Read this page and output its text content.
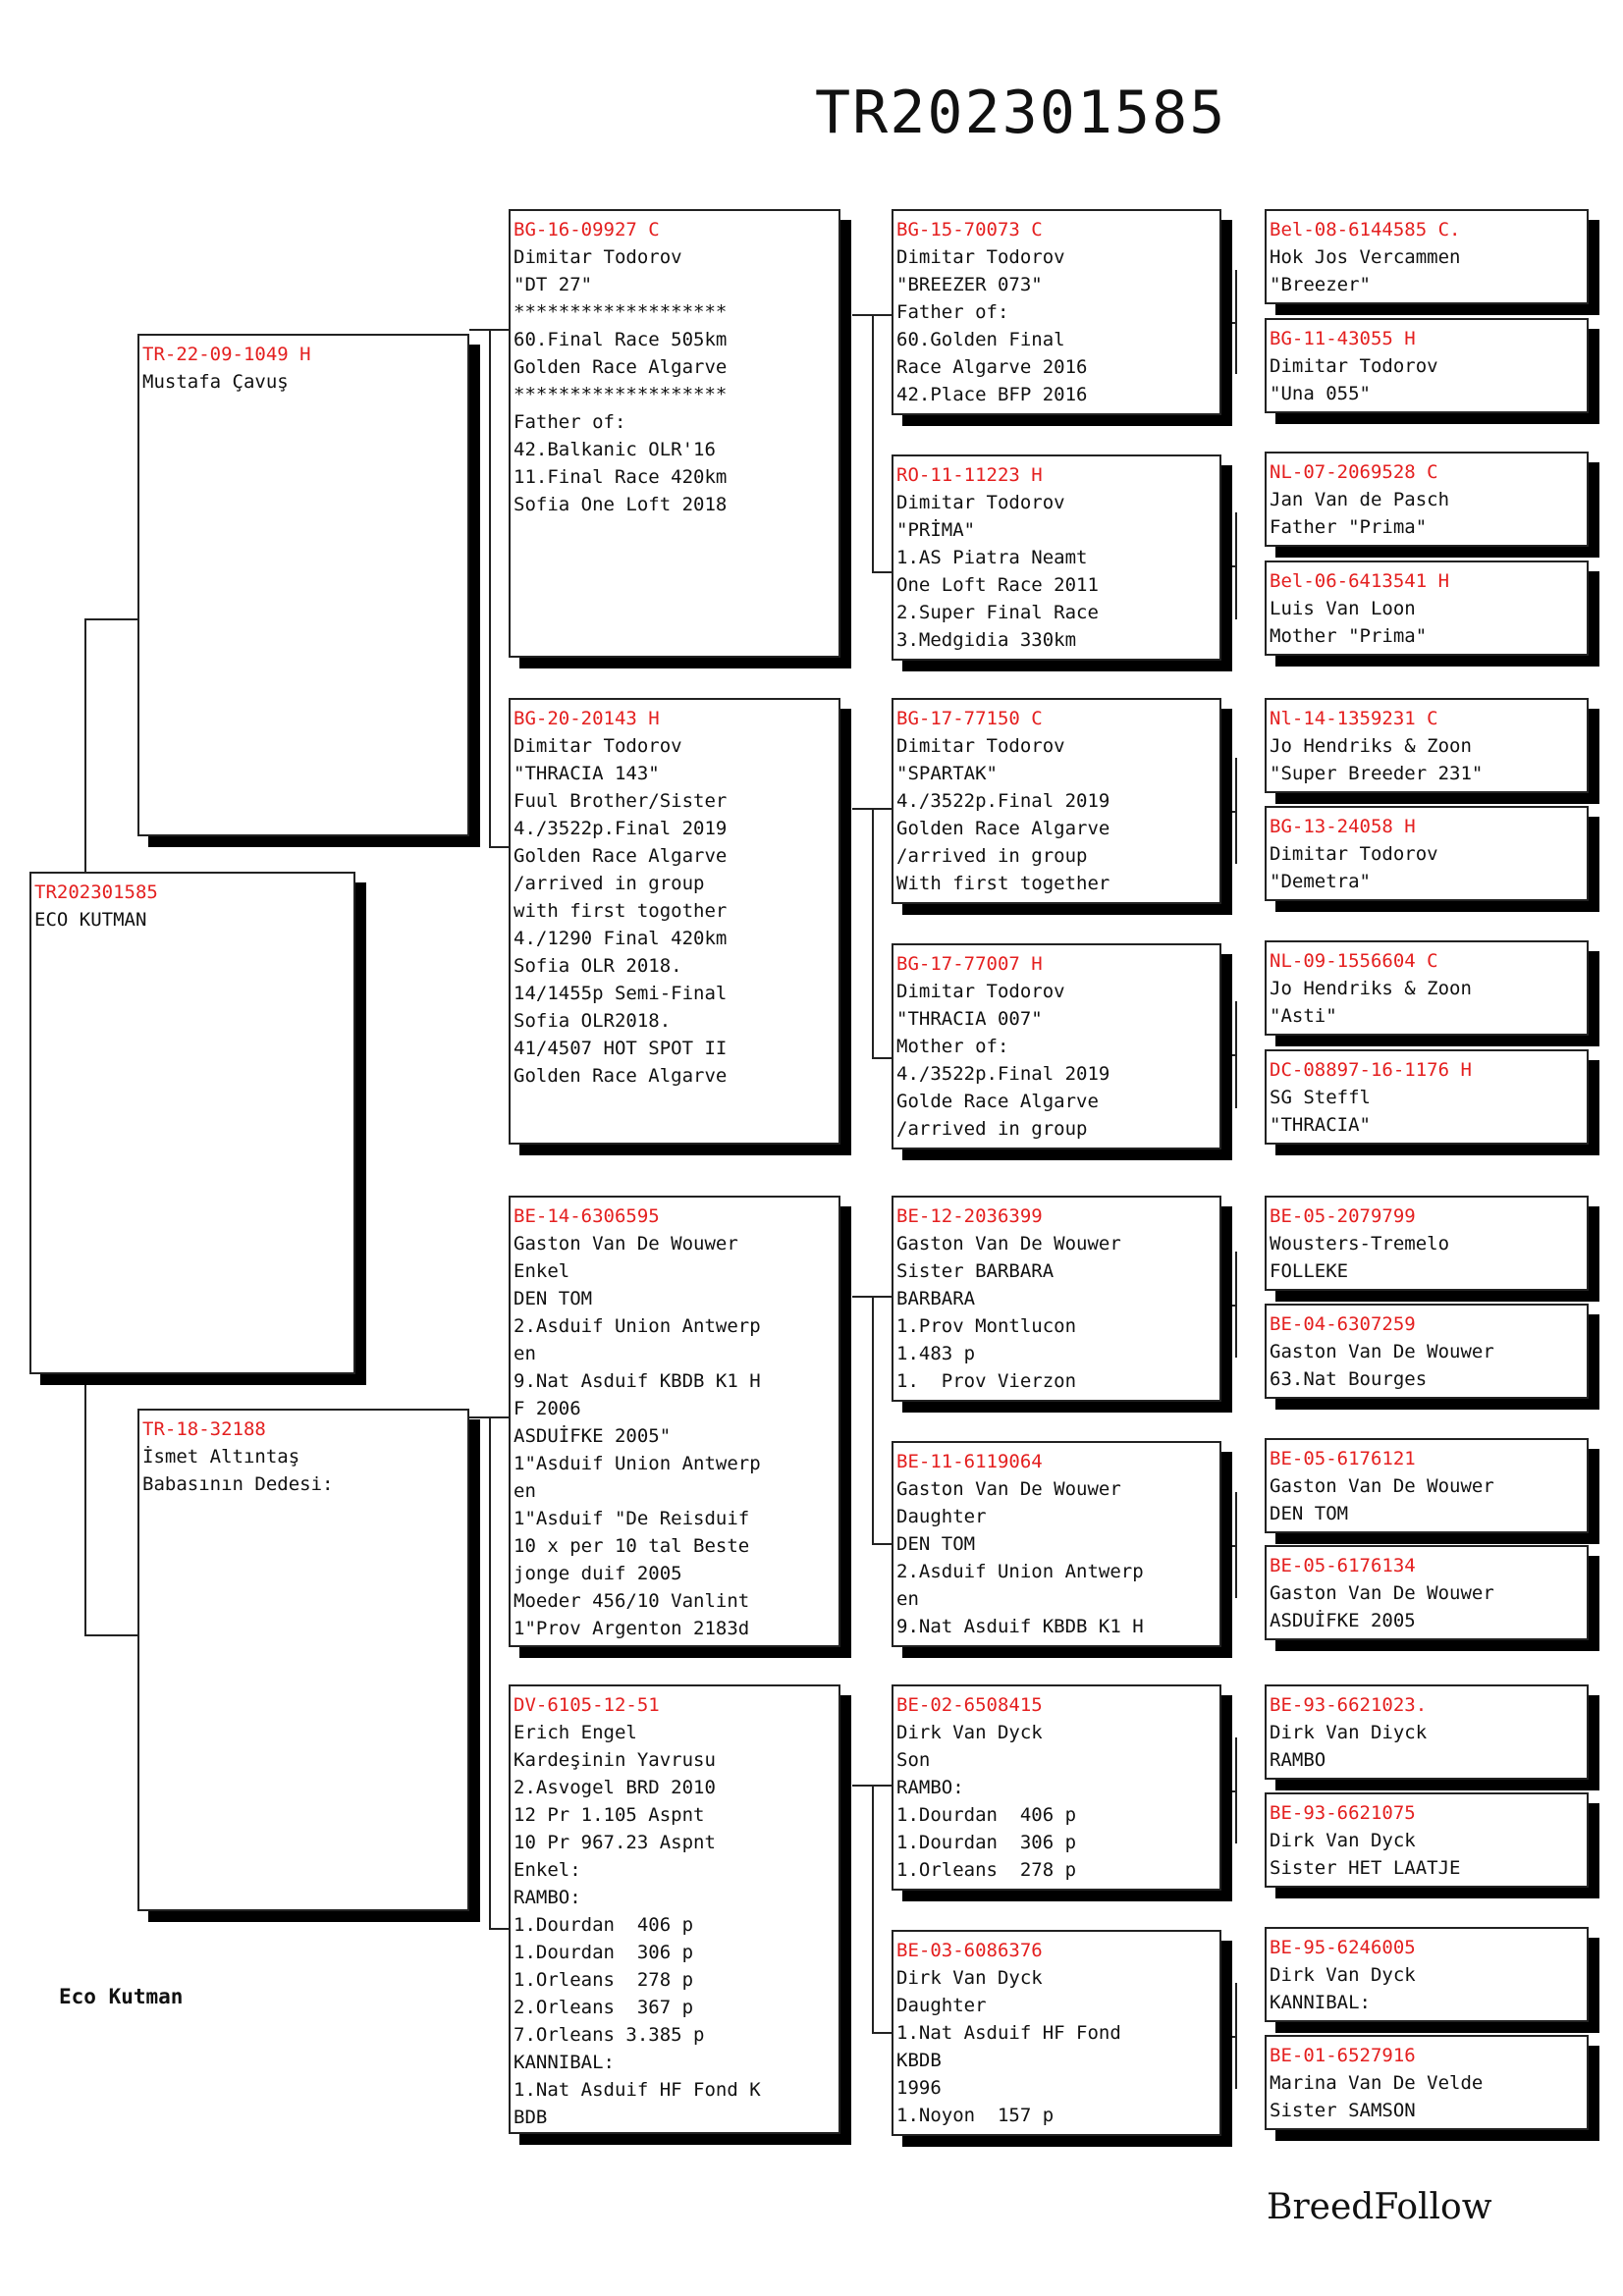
TR202301585
TR202301585
ECO KUTMAN
TR-22-09-1049 H
Mustafa Çavuş
TR-18-32188
İsmet Altıntaş
Babasının Dedesi:
BG-16-09927 C
Dimitar Todorov
"DT 27"
*******************
60.Final Race 505km
Golden Race Algarve
*******************
Father of:
42.Balkanic OLR'16
11.Final Race 420km
Sofia One Loft 2018
BG-20-20143 H
Dimitar Todorov
"THRACIA 143"
Fuul Brother/Sister
4./3522p.Final 2019
Golden Race Algarve
/arrived in group
with first togother
4./1290 Final 420km
Sofia OLR 2018.
14/1455p Semi-Final
Sofia OLR2018.
41/4507 HOT SPOT II
Golden Race Algarve
BE-14-6306595
Gaston Van De Wouwer
Enkel
DEN TOM
2.Asduif Union Antwerp
en
9.Nat Asduif KBDB K1 H
F 2006
ASDUİFKE 2005"
1"Asduif Union Antwerp
en
1"Asduif "De Reisduif
10 x per 10 tal Beste
jonge duif 2005
Moeder 456/10 Vanlint
1"Prov Argenton 2183d
DV-6105-12-51
Erich Engel
Kardeşinin Yavrusu
2.Asvogel BRD 2010
12 Pr 1.105 Aspnt
10 Pr 967.23 Aspnt
Enkel:
RAMBO:
1.Dourdan  406 p
1.Dourdan  306 p
1.Orleans  278 p
2.Orleans  367 p
7.Orleans 3.385 p
KANNIBAL:
1.Nat Asduif HF Fond K
BDB
BG-15-70073 C
Dimitar Todorov
"BREEZER 073"
Father of:
60.Golden Final
Race Algarve 2016
42.Place BFP 2016
RO-11-11223 H
Dimitar Todorov
"PRİMA"
1.AS Piatra Neamt
One Loft Race 2011
2.Super Final Race
3.Medgidia 330km
BG-17-77150 C
Dimitar Todorov
"SPARTAK"
4./3522p.Final 2019
Golden Race Algarve
/arrived in group
With first together
BG-17-77007 H
Dimitar Todorov
"THRACIA 007"
Mother of:
4./3522p.Final 2019
Golde Race Algarve
/arrived in group
BE-12-2036399
Gaston Van De Wouwer
Sister BARBARA
BARBARA
1.Prov Montlucon
1.483 p
1.  Prov Vierzon
BE-11-6119064
Gaston Van De Wouwer
Daughter
DEN TOM
2.Asduif Union Antwerp
en
9.Nat Asduif KBDB K1 H
BE-02-6508415
Dirk Van Dyck
Son
RAMBO:
1.Dourdan  406 p
1.Dourdan  306 p
1.Orleans  278 p
BE-03-6086376
Dirk Van Dyck
Daughter
1.Nat Asduif HF Fond
KBDB
1996
1.Noyon  157 p
Bel-08-6144585 C.
Hok Jos Vercammen
"Breezer"
BG-11-43055 H
Dimitar Todorov
"Una 055"
NL-07-2069528 C
Jan Van de Pasch
Father "Prima"
Bel-06-6413541 H
Luis Van Loon
Mother "Prima"
Nl-14-1359231 C
Jo Hendriks & Zoon
"Super Breeder 231"
BG-13-24058 H
Dimitar Todorov
"Demetra"
NL-09-1556604 C
Jo Hendriks & Zoon
"Asti"
DC-08897-16-1176 H
SG Steffl
"THRACIA"
BE-05-2079799
Wousters-Tremelo
FOLLEKE
BE-04-6307259
Gaston Van De Wouwer
63.Nat Bourges
BE-05-6176121
Gaston Van De Wouwer
DEN TOM
BE-05-6176134
Gaston Van De Wouwer
ASDUİFKE 2005
BE-93-6621023.
Dirk Van Diyck
RAMBO
BE-93-6621075
Dirk Van Dyck
Sister HET LAATJE
BE-95-6246005
Dirk Van Dyck
KANNIBAL:
BE-01-6527916
Marina Van De Velde
Sister SAMSON
Eco Kutman
BreedFollow
